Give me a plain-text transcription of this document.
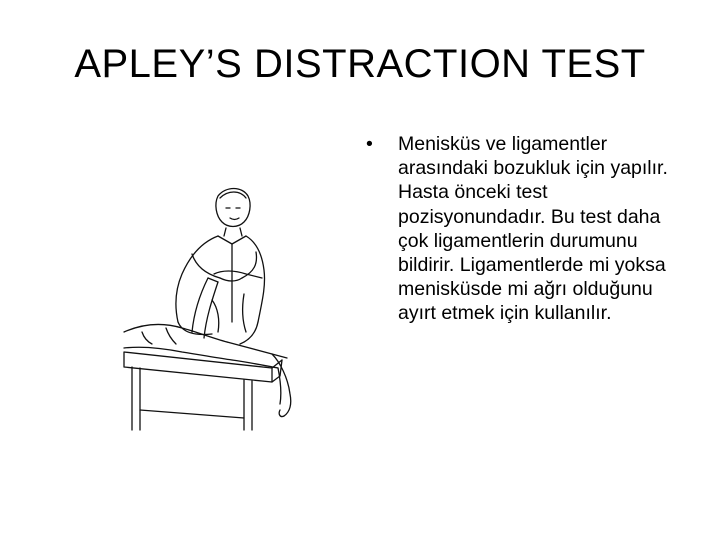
APLEY’S DISTRACTION TEST
•	Menisküs ve ligamentler arasındaki bozukluk için yapılır. Hasta önceki test pozisyonundadır. Bu test daha çok ligamentlerin durumunu bildirir. Ligamentlerde mi yoksa menisküsde mi ağrı olduğunu ayırt etmek için kullanılır.
